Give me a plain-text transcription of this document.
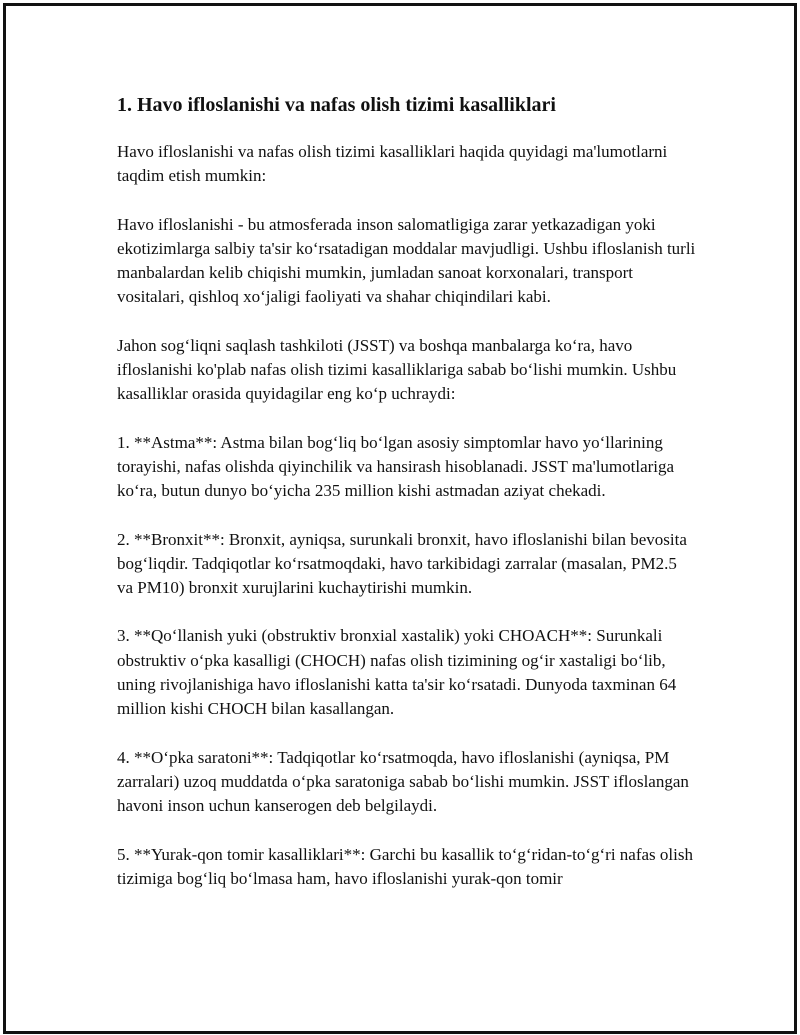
1. Havo ifloslanishi va nafas olish tizimi kasalliklari

Havo ifloslanishi va nafas olish tizimi kasalliklari haqida quyidagi ma'lumotlarni taqdim etish mumkin:

Havo ifloslanishi - bu atmosferada inson salomatligiga zarar yetkazadigan yoki ekotizimlarga salbiy ta'sir ko‘rsatadigan moddalar mavjudligi. Ushbu ifloslanish turli manbalardan kelib chiqishi mumkin, jumladan sanoat korxonalari, transport vositalari, qishloq xo‘jaligi faoliyati va shahar chiqindilari kabi.

Jahon sog‘liqni saqlash tashkiloti (JSST) va boshqa manbalarga ko‘ra, havo ifloslanishi ko'plab nafas olish tizimi kasalliklariga sabab bo‘lishi mumkin. Ushbu kasalliklar orasida quyidagilar eng ko‘p uchraydi:

1. **Astma**: Astma bilan bog‘liq bo‘lgan asosiy simptomlar havo yo‘llarining torayishi, nafas olishda qiyinchilik va hansirash hisoblanadi. JSST ma'lumotlariga ko‘ra, butun dunyo bo‘yicha 235 million kishi astmadan aziyat chekadi.

2. **Bronxit**: Bronxit, ayniqsa, surunkali bronxit, havo ifloslanishi bilan bevosita bog‘liqdir. Tadqiqotlar ko‘rsatmoqdaki, havo tarkibidagi zarralar (masalan, PM2.5 va PM10) bronxit xurujlarini kuchaytirishi mumkin.

3. **Qo‘llanish yuki (obstruktiv bronxial xastalik) yoki CHOACH**: Surunkali obstruktiv o‘pka kasalligi (CHOCH) nafas olish tizimining og‘ir xastaligi bo‘lib, uning rivojlanishiga havo ifloslanishi katta ta'sir ko‘rsatadi. Dunyoda taxminan 64 million kishi CHOCH bilan kasallangan.

4. **O‘pka saratoni**: Tadqiqotlar ko‘rsatmoqda, havo ifloslanishi (ayniqsa, PM zarralari) uzoq muddatda o‘pka saratoniga sabab bo‘lishi mumkin. JSST ifloslangan havoni inson uchun kanserogen deb belgilaydi.

5. **Yurak-qon tomir kasalliklari**: Garchi bu kasallik to‘g‘ridan-to‘g‘ri nafas olish tizimiga bog‘liq bo‘lmasa ham, havo ifloslanishi yurak-qon tomir
